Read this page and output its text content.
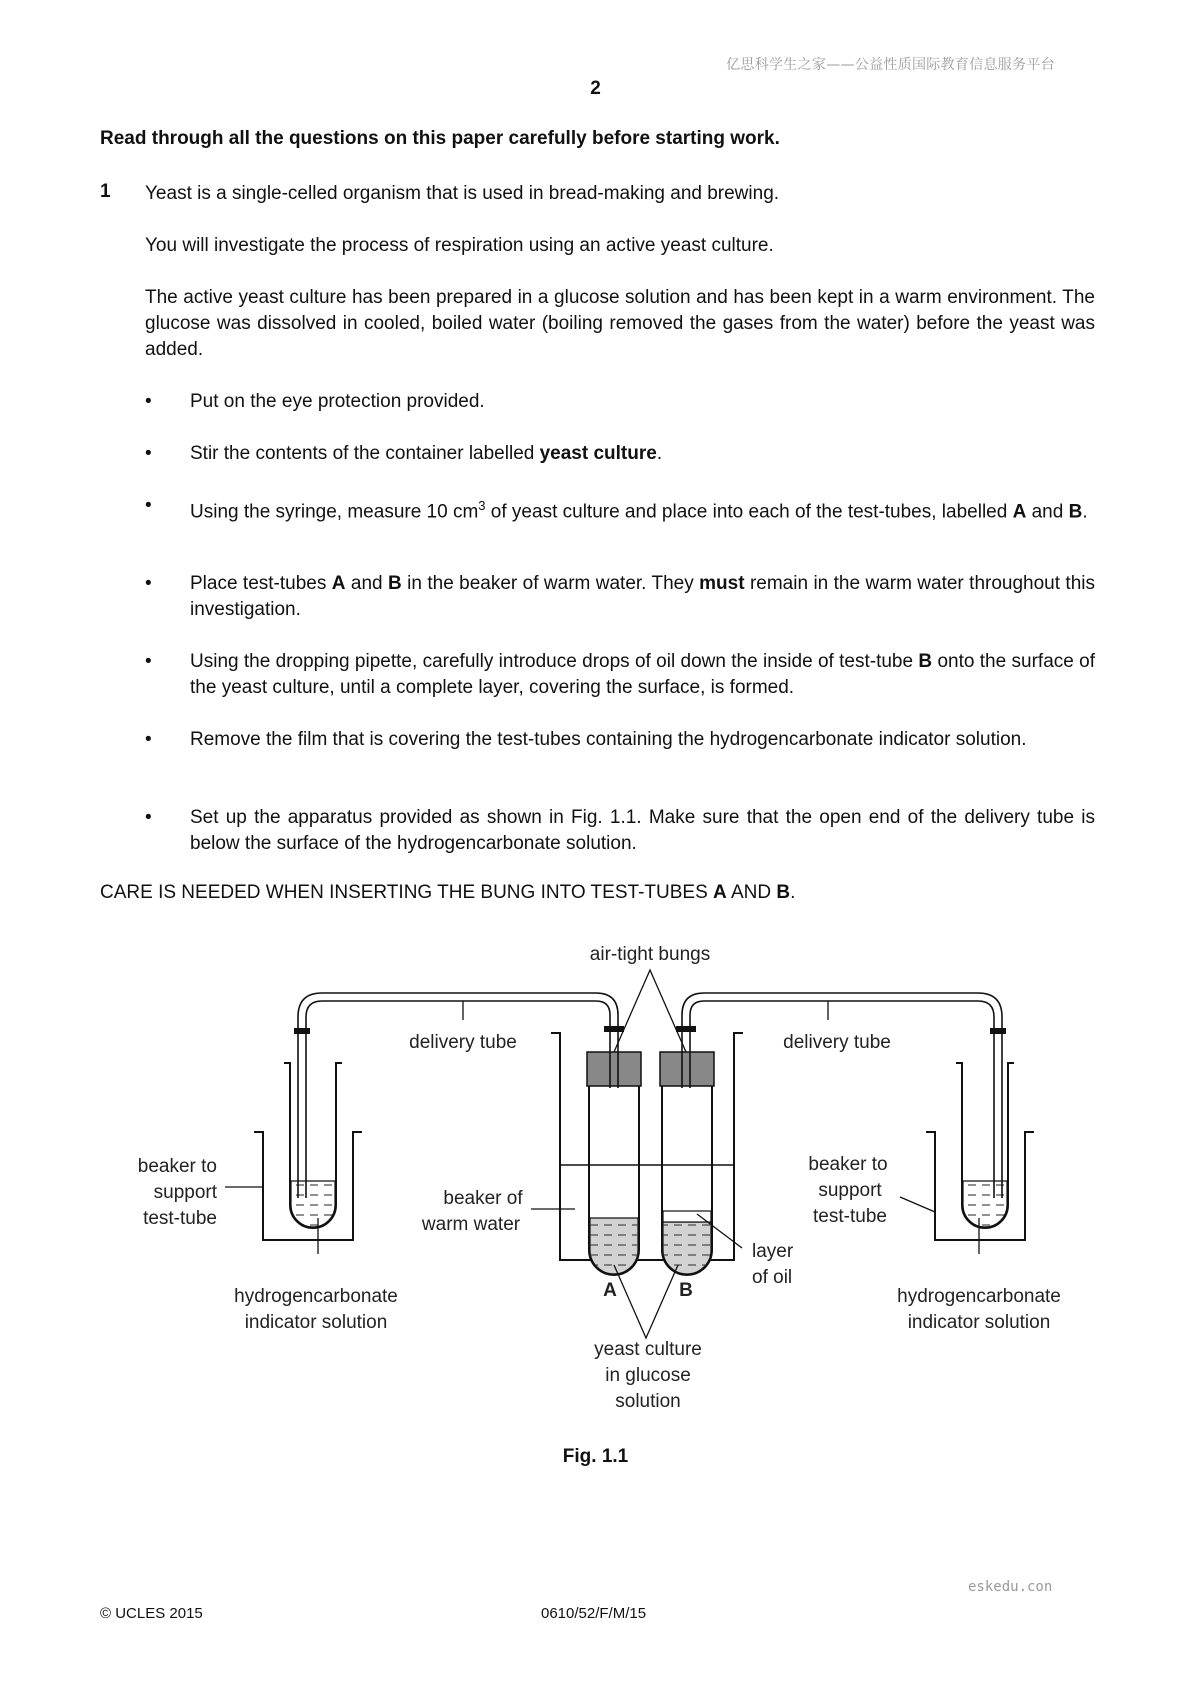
亿思科学生之家——公益性质国际教育信息服务平台
2
Read through all the questions on this paper carefully before starting work.
1 Yeast is a single-celled organism that is used in bread-making and brewing.
You will investigate the process of respiration using an active yeast culture.
The active yeast culture has been prepared in a glucose solution and has been kept in a warm environment. The glucose was dissolved in cooled, boiled water (boiling removed the gases from the water) before the yeast was added.
• Put on the eye protection provided.
• Stir the contents of the container labelled yeast culture.
• Using the syringe, measure 10 $cm^3$ of yeast culture and place into each of the test-tubes, labelled A and B.
• Place test-tubes A and B in the beaker of warm water. They must remain in the warm water throughout this investigation.
• Using the dropping pipette, carefully introduce drops of oil down the inside of test-tube B onto the surface of the yeast culture, until a complete layer, covering the surface, is formed.
• Remove the film that is covering the test-tubes containing the hydrogencarbonate indicator solution.
• Set up the apparatus provided as shown in Fig. 1.1. Make sure that the open end of the delivery tube is below the surface of the hydrogencarbonate solution.
CARE IS NEEDED WHEN INSERTING THE BUNG INTO TEST-TUBES A AND B.
air-tight bungs
delivery tube	delivery tube
beaker to
support
test-tube
beaker of
warm water
beaker to
support
test-tube
layer
of oil
A	B
hydrogencarbonate
indicator solution
hydrogencarbonate
indicator solution
yeast culture
in glucose
solution
Fig. 1.1
eskedu.con
© UCLES 2015	0610/52/F/M/15
